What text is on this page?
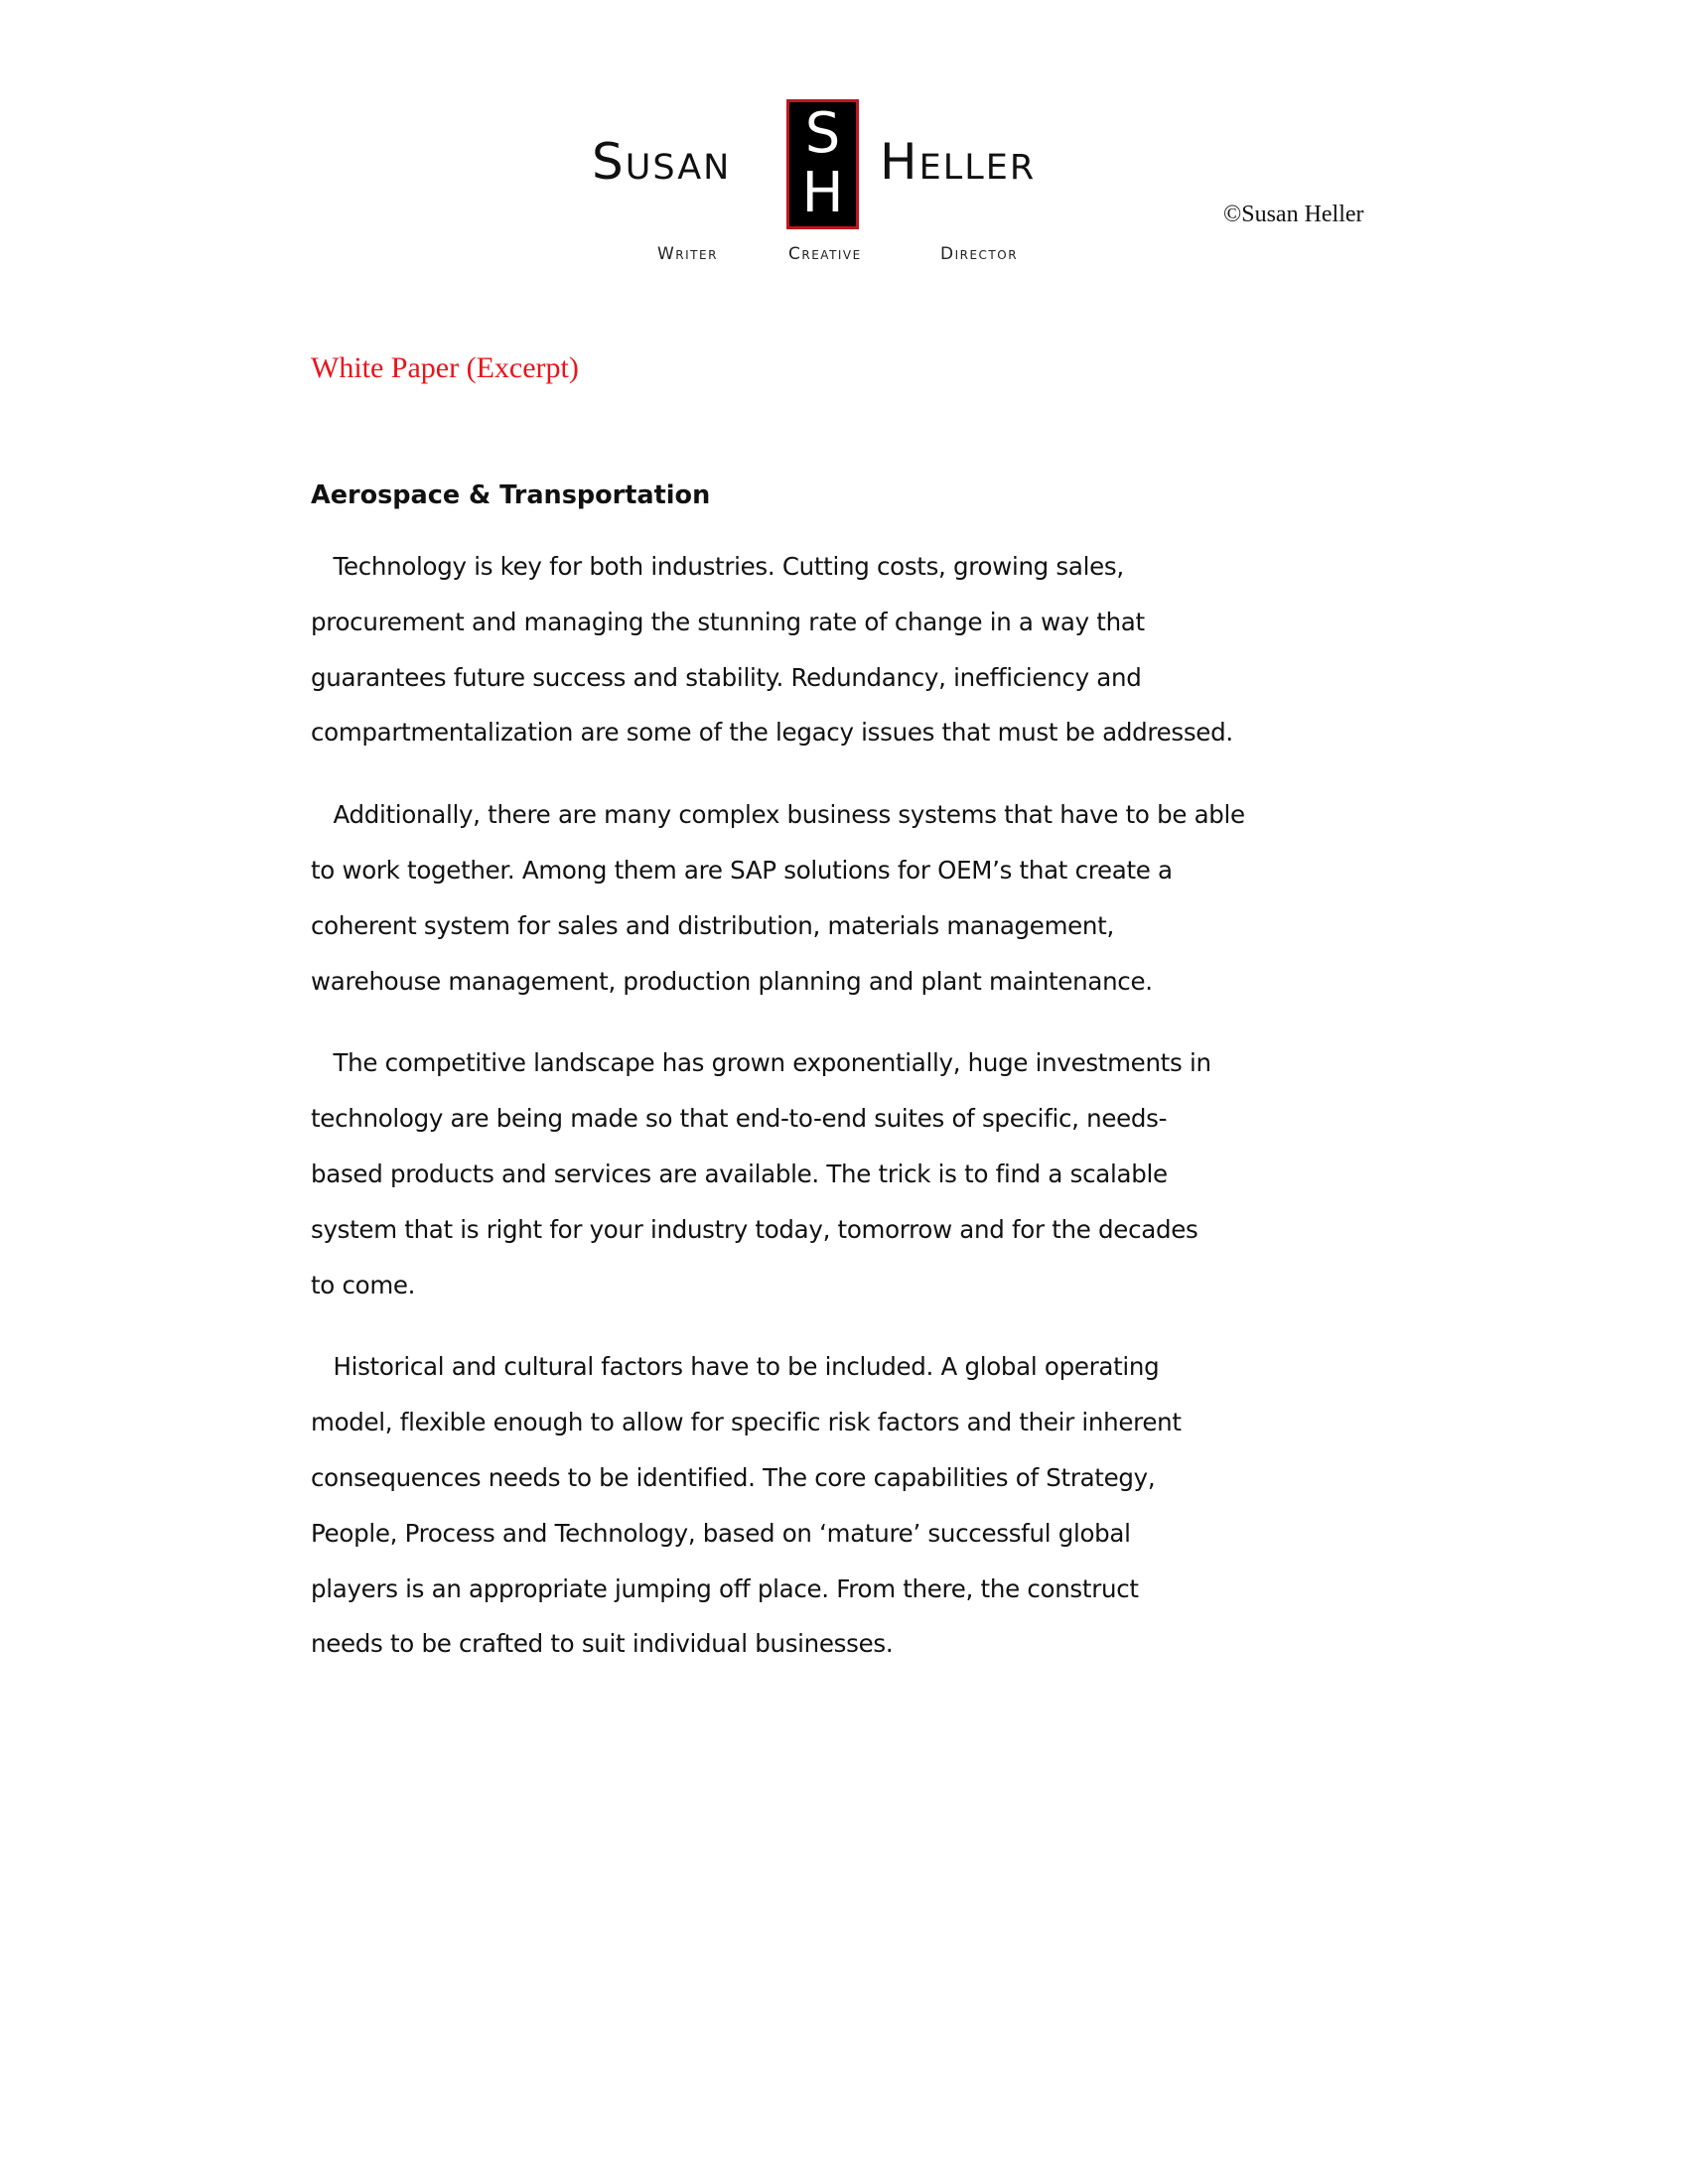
Susan S
H Heller
Writer	Creative	Director
©Susan Heller
White Paper (Excerpt)
Aerospace & Transportation

Technology is key for both industries. Cutting costs, growing sales,
procurement and managing the stunning rate of change in a way that
guarantees future success and stability. Redundancy, inefficiency and
compartmentalization are some of the legacy issues that must be addressed.

Additionally, there are many complex business systems that have to be able
to work together. Among them are SAP solutions for OEM’s that create a
coherent system for sales and distribution, materials management,
warehouse management, production planning and plant maintenance.

The competitive landscape has grown exponentially, huge investments in
technology are being made so that end-to-end suites of specific, needs-
based products and services are available. The trick is to find a scalable
system that is right for your industry today, tomorrow and for the decades
to come.

Historical and cultural factors have to be included. A global operating
model, flexible enough to allow for specific risk factors and their inherent
consequences needs to be identified. The core capabilities of Strategy,
People, Process and Technology, based on ‘mature’ successful global
players is an appropriate jumping off place. From there, the construct
needs to be crafted to suit individual businesses.
